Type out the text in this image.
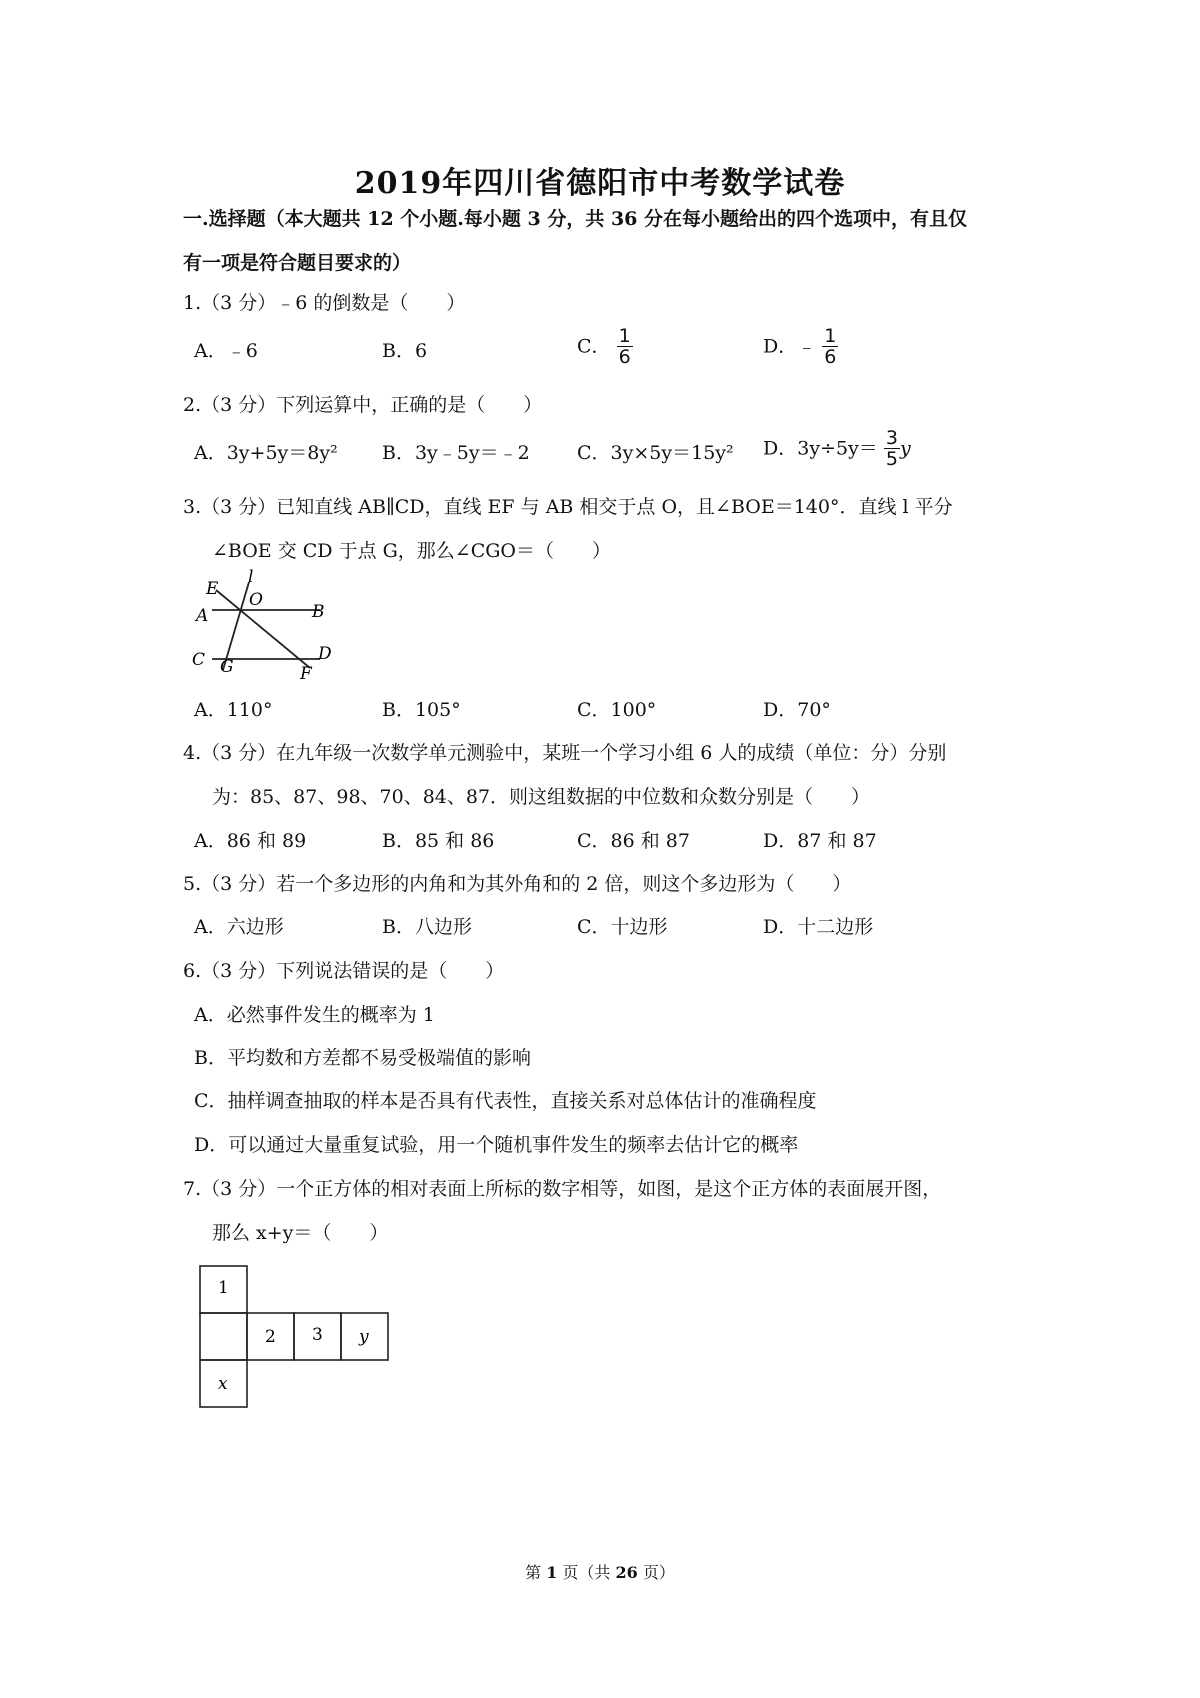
2019年四川省德阳市中考数学试卷
一.选择题（本大题共 12 个小题.每小题 3 分，共 36 分在每小题给出的四个选项中，有且仅
有一项是符合题目要求的）
1.（3 分）﹣6 的倒数是（　　）
A．﹣6	B．6	C． $\frac{1}{6}$	D．﹣ $\frac{1}{6}$
2.（3 分）下列运算中，正确的是（　　）
A．3y+5y＝8y² B．3y﹣5y＝﹣2 C．3y×5y＝15y² D．$3y\div 5y= \frac{3}{5}$ y
3.（3 分）已知直线 AB∥CD，直线 EF 与 AB 相交于点 O，且∠BOE＝140°．直线 l 平分
∠BOE 交 CD 于点 G，那么∠CGO＝（　　）
E
l
O
A	B
C G
D
F
A．110°	B．105°	C．100°	D．70°
4.（3 分）在九年级一次数学单元测验中，某班一个学习小组 6 人的成绩（单位：分）分别
为：85、87、98、70、84、87．则这组数据的中位数和众数分别是（　　）
A．86 和 89	B．85 和 86	C．86 和 87	D．87 和 87
5.（3 分）若一个多边形的内角和为其外角和的 2 倍，则这个多边形为（　　）
A．六边形	B．八边形	C．十边形	D．十二边形
6.（3 分）下列说法错误的是（　　）
A．必然事件发生的概率为 1
B．平均数和方差都不易受极端值的影响
C．抽样调查抽取的样本是否具有代表性，直接关系对总体估计的准确程度
D．可以通过大量重复试验，用一个随机事件发生的频率去估计它的概率
7.（3 分）一个正方体的相对表面上所标的数字相等，如图，是这个正方体的表面展开图，
那么 x+y＝（　　）
1
2 3 y
x
第 1 页（共 26 页）
